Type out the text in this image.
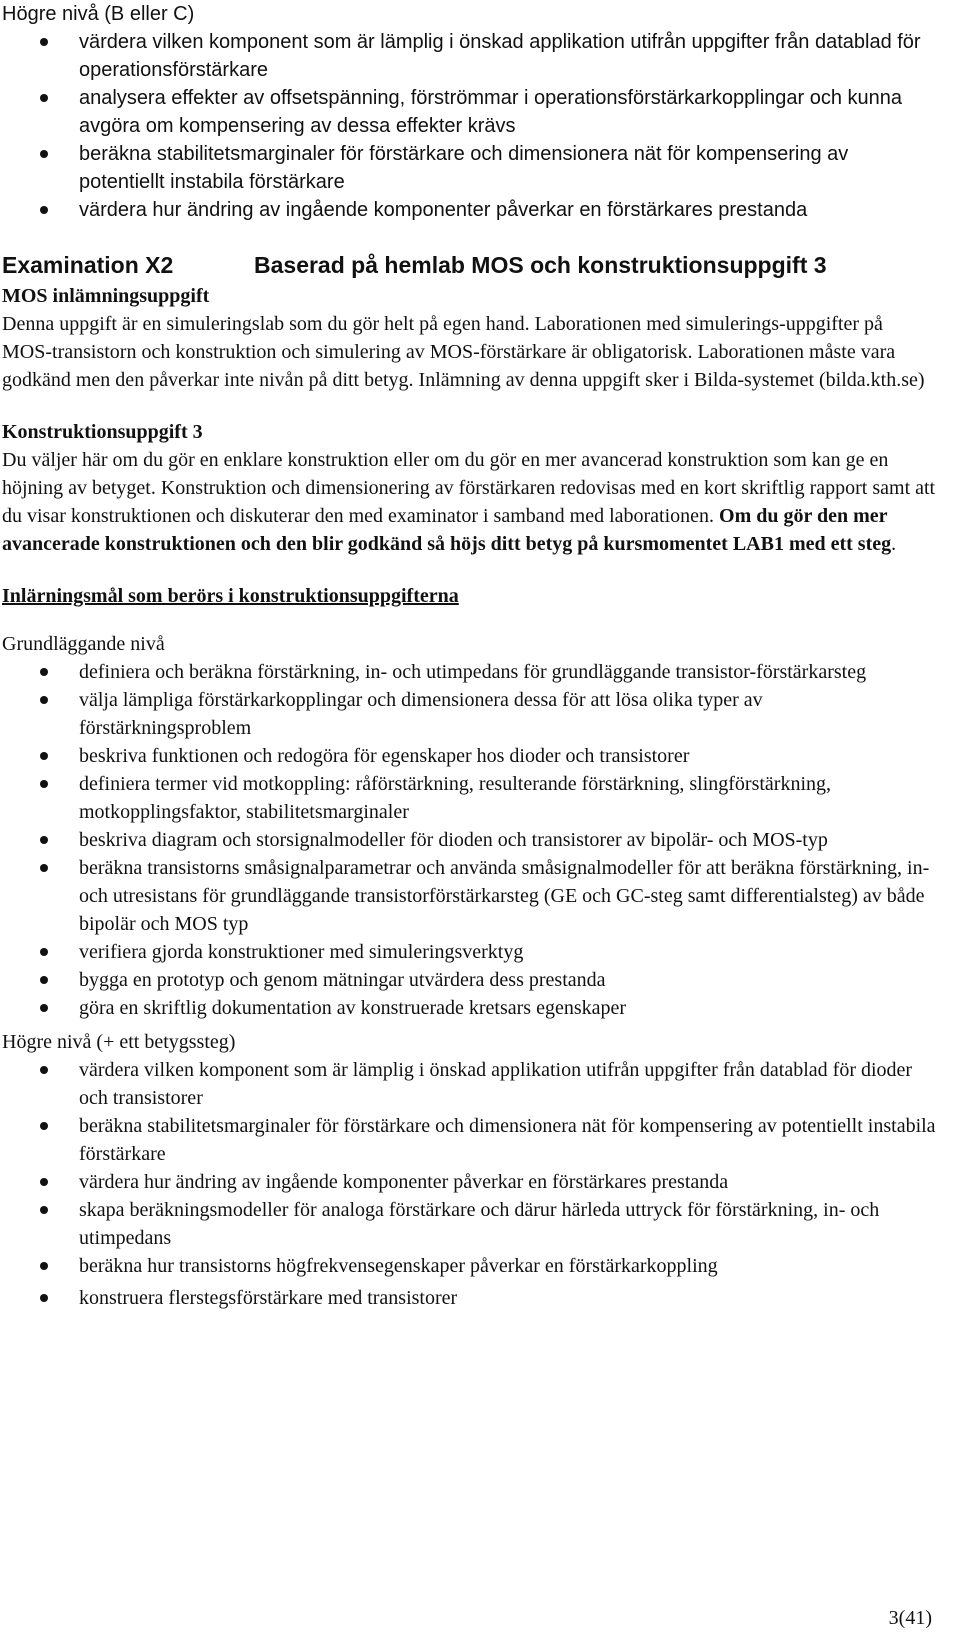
Högre nivå (B eller C)

värdera vilken komponent som är lämplig i önskad applikation utifrån uppgifter från datablad för operationsförstärkare
analysera effekter av offsetspänning, förströmmar i operationsförstärkarkopplingar och kunna avgöra om kompensering av dessa effekter krävs
beräkna stabilitetsmarginaler för förstärkare och dimensionera nät för kompensering av potentiellt instabila förstärkare
värdera hur ändring av ingående komponenter påverkar en förstärkares prestanda
Examination X2	Baserad på hemlab MOS och konstruktionsuppgift 3

MOS inlämningsuppgift

Denna uppgift är en simuleringslab som du gör helt på egen hand. Laborationen med simulerings-uppgifter på MOS-transistorn och konstruktion och simulering av MOS-förstärkare är obligatorisk. Laborationen måste vara godkänd men den påverkar inte nivån på ditt betyg. Inlämning av denna uppgift sker i Bilda-systemet (bilda.kth.se)

Konstruktionsuppgift 3

Du väljer här om du gör en enklare konstruktion eller om du gör en mer avancerad konstruktion som kan ge en höjning av betyget. Konstruktion och dimensionering av förstärkaren redovisas med en kort skriftlig rapport samt att du visar konstruktionen och diskuterar den med examinator i samband med laborationen. Om du gör den mer avancerade konstruktionen och den blir godkänd så höjs ditt betyg på kursmomentet LAB1 med ett steg.

Inlärningsmål som berörs i konstruktionsuppgifterna

Grundläggande nivå

definiera och beräkna förstärkning, in- och utimpedans för grundläggande transistor-förstärkarsteg
välja lämpliga förstärkarkopplingar och dimensionera dessa för att lösa olika typer av förstärkningsproblem
beskriva funktionen och redogöra för egenskaper hos dioder och transistorer
definiera termer vid motkoppling: råförstärkning, resulterande förstärkning, slingförstärkning, motkopplingsfaktor, stabilitetsmarginaler
beskriva diagram och storsignalmodeller för dioden och transistorer av bipolär- och MOS-typ
beräkna transistorns småsignalparametrar och använda småsignalmodeller för att beräkna förstärkning, in- och utresistans för grundläggande transistorförstärkarsteg (GE och GC-steg samt differentialsteg) av både bipolär och MOS typ
verifiera gjorda konstruktioner med simuleringsverktyg
bygga en prototyp och genom mätningar utvärdera dess prestanda
göra en skriftlig dokumentation av konstruerade kretsars egenskaper

Högre nivå (+ ett betygssteg)

värdera vilken komponent som är lämplig i önskad applikation utifrån uppgifter från datablad för dioder och transistorer
beräkna stabilitetsmarginaler för förstärkare och dimensionera nät för kompensering av potentiellt instabila förstärkare
värdera hur ändring av ingående komponenter påverkar en förstärkares prestanda
skapa beräkningsmodeller för analoga förstärkare och därur härleda uttryck för förstärkning, in- och utimpedans
beräkna hur transistorns högfrekvensegenskaper påverkar en förstärkarkoppling
konstruera flerstegsförstärkare med transistorer
3(41)
